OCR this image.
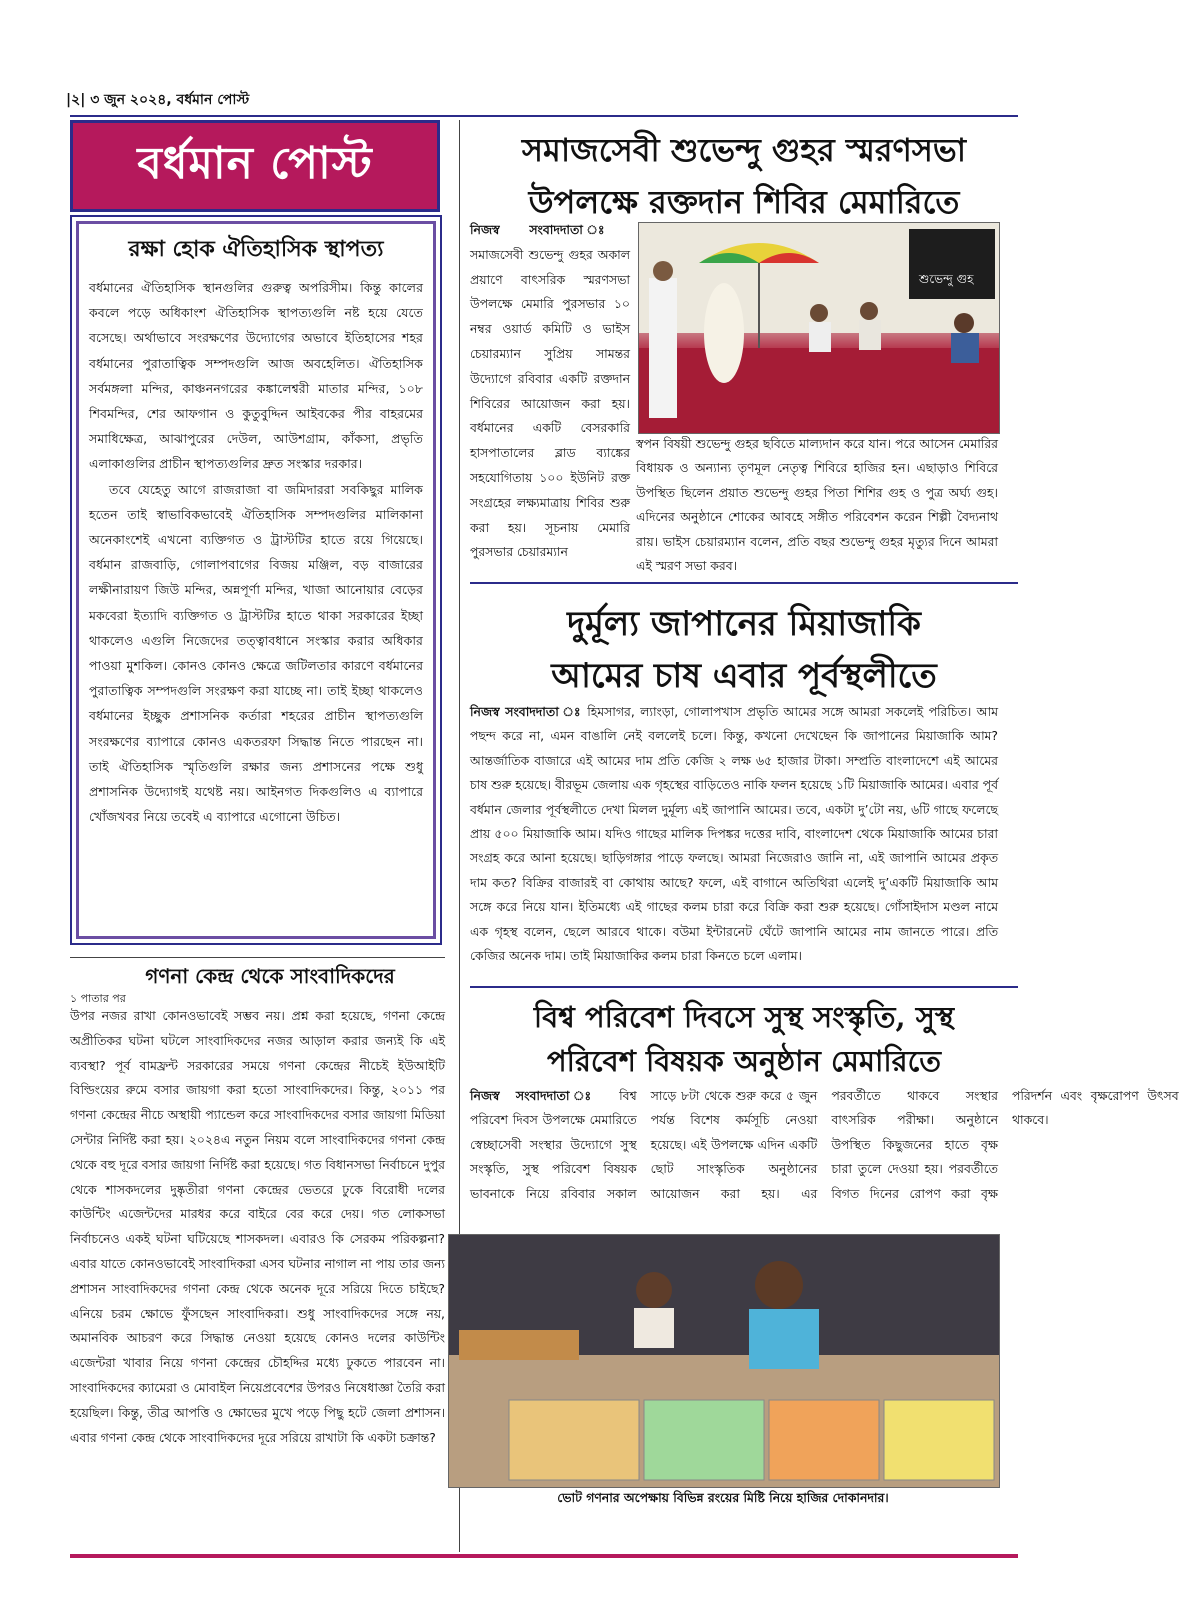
|২| ৩ জুন ২০২৪, বর্ধমান পোস্ট
বর্ধমান পোস্ট
রক্ষা হোক ঐতিহাসিক স্থাপত্য

বর্ধমানের ঐতিহাসিক স্থানগুলির গুরুত্ব অপরিসীম। কিন্তু কালের কবলে পড়ে অধিকাংশ ঐতিহাসিক স্থাপত্যগুলি নষ্ট হয়ে যেতে বসেছে। অর্থাভাবে সংরক্ষণের উদ্যোগের অভাবে ইতিহাসের শহর বর্ধমানের পুরাতাত্বিক সম্পদগুলি আজ অবহেলিত। ঐতিহাসিক সর্বমঙ্গলা মন্দির, কাঞ্চননগরের কঙ্কালেশ্বরী মাতার মন্দির, ১০৮ শিবমন্দির, শের আফগান ও কুতুবুদ্দিন আইবকের পীর বাহরমের সমাধিক্ষেত্র, আঝাপুরের দেউল, আউশগ্রাম, কাঁকসা, প্রভৃতি এলাকাগুলির প্রাচীন স্থাপত্যগুলির দ্রুত সংস্কার দরকার।

তবে যেহেতু আগে রাজরাজা বা জমিদাররা সবকিছুর মালিক হতেন তাই স্বাভাবিকভাবেই ঐতিহাসিক সম্পদগুলির মালিকানা অনেকাংশেই এখনো ব্যক্তিগত ও ট্রাস্টটির হাতে রয়ে গিয়েছে। বর্ধমান রাজবাড়ি, গোলাপবাগের বিজয় মঞ্জিল, বড় বাজারের লক্ষীনারায়ণ জিউ মন্দির, অন্নপূর্ণা মন্দির, খাজা আনোয়ার বেড়ের মকবেরা ইত্যাদি ব্যক্তিগত ও ট্রাস্টটির হাতে থাকা সরকারের ইচ্ছা থাকলেও এগুলি নিজেদের তত্ত্বাবধানে সংস্কার করার অধিকার পাওয়া মুশকিল। কোনও কোনও ক্ষেত্রে জটিলতার কারণে বর্ধমানের পুরাতাত্বিক সম্পদগুলি সংরক্ষণ করা যাচ্ছে না। তাই ইচ্ছা থাকলেও বর্ধমানের ইচ্ছুক প্রশাসনিক কর্তারা শহরের প্রাচীন স্থাপত্যগুলি সংরক্ষণের ব্যাপারে কোনও একতরফা সিদ্ধান্ত নিতে পারছেন না। তাই ঐতিহাসিক স্মৃতিগুলি রক্ষার জন্য প্রশাসনের পক্ষে শুধু প্রশাসনিক উদ্যোগই যথেষ্ট নয়। আইনগত দিকগুলিও এ ব্যাপারে খোঁজখবর নিয়ে তবেই এ ব্যাপারে এগোনো উচিত।

গণনা কেন্দ্র থেকে সাংবাদিকদের
১ পাতার পর
উপর নজর রাখা কোনওভাবেই সম্ভব নয়। প্রশ্ন করা হয়েছে, গণনা কেন্দ্রে অপ্রীতিকর ঘটনা ঘটলে সাংবাদিকদের নজর আড়াল করার জন্যই কি এই ব্যবস্থা? পূর্ব বামফ্রন্ট সরকারের সময়ে গণনা কেন্দ্রের নীচেই ইউআইটি বিল্ডিংয়ের রুমে বসার জায়গা করা হতো সাংবাদিকদের। কিন্তু, ২০১১ পর গণনা কেন্দ্রের নীচে অস্থায়ী প্যান্ডেল করে সাংবাদিকদের বসার জায়গা মিডিয়া সেন্টার নির্দিষ্ট করা হয়। ২০২৪এ নতুন নিয়ম বলে সাংবাদিকদের গণনা কেন্দ্র থেকে বহু দূরে বসার জায়গা নির্দিষ্ট করা হয়েছে। গত বিধানসভা নির্বাচনে দুপুর থেকে শাসকদলের দুষ্কৃতীরা গণনা কেন্দ্রের ভেতরে ঢুকে বিরোধী দলের কাউন্টিং এজেন্টদের মারধর করে বাইরে বের করে দেয়। গত লোকসভা নির্বাচনেও একই ঘটনা ঘটিয়েছে শাসকদল। এবারও কি সেরকম পরিকল্পনা? এবার যাতে কোনওভাবেই সাংবাদিকরা এসব ঘটনার নাগাল না পায় তার জন্য প্রশাসন সাংবাদিকদের গণনা কেন্দ্র থেকে অনেক দূরে সরিয়ে দিতে চাইছে? এনিয়ে চরম ক্ষোভে ফুঁসছেন সাংবাদিকরা। শুধু সাংবাদিকদের সঙ্গে নয়, অমানবিক আচরণ করে সিদ্ধান্ত নেওয়া হয়েছে কোনও দলের কাউন্টিং এজেন্টরা খাবার নিয়ে গণনা কেন্দ্রের চৌহদ্দির মধ্যে ঢুকতে পারবেন না। সাংবাদিকদের ক্যামেরা ও মোবাইল নিয়েপ্রবেশের উপরও নিষেধাজ্ঞা তৈরি করা হয়েছিল। কিন্তু, তীব্র আপত্তি ও ক্ষোভের মুখে পড়ে পিছু হটে জেলা প্রশাসন। এবার গণনা কেন্দ্র থেকে সাংবাদিকদের দূরে সরিয়ে রাখাটা কি একটা চক্রান্ত?
সমাজসেবী শুভেন্দু গুহর স্মরণসভা
উপলক্ষে রক্তদান শিবির মেমারিতে
নিজস্ব সংবাদদাতা ঃ সমাজসেবী শুভেন্দু গুহর অকাল প্রয়াণে বাৎসরিক স্মরণসভা উপলক্ষে মেমারি পুরসভার ১০ নম্বর ওয়ার্ড কমিটি ও ভাইস চেয়ারম্যান সুপ্রিয় সামন্তর উদ্যোগে রবিবার একটি রক্তদান শিবিরের আয়োজন করা হয়। বর্ধমানের একটি বেসরকারি হাসপাতালের ব্লাড ব্যাঙ্কের সহযোগিতায় ১০০ ইউনিট রক্ত সংগ্রহের লক্ষ্যমাত্রায় শিবির শুরু করা হয়। সূচনায় মেমারি পুরসভার চেয়ারম্যান
শুভেন্দু গুহ
স্বপন বিষয়ী শুভেন্দু গুহর ছবিতে মাল্যদান করে যান। পরে আসেন মেমারির বিধায়ক ও অন্যান্য তৃণমূল নেতৃত্ব শিবিরে হাজির হন। এছাড়াও শিবিরে উপস্থিত ছিলেন প্রয়াত শুভেন্দু গুহর পিতা শিশির গুহ ও পুত্র অর্ঘ্য গুহ। এদিনের অনুষ্ঠানে শোকের আবহে সঙ্গীত পরিবেশন করেন শিল্পী বৈদ্যনাথ রায়। ভাইস চেয়ারম্যান বলেন, প্রতি বছর শুভেন্দু গুহর মৃত্যুর দিনে আমরা এই স্মরণ সভা করব।
দুর্মূল্য জাপানের মিয়াজাকি
আমের চাষ এবার পূর্বস্থলীতে
নিজস্ব সংবাদদাতা ঃ হিমসাগর, ল্যাংড়া, গোলাপখাস প্রভৃতি আমের সঙ্গে আমরা সকলেই পরিচিত। আম পছন্দ করে না, এমন বাঙালি নেই বললেই চলে। কিন্তু, কখনো দেখেছেন কি জাপানের মিয়াজাকি আম? আন্তর্জাতিক বাজারে এই আমের দাম প্রতি কেজি ২ লক্ষ ৬৫ হাজার টাকা। সম্প্রতি বাংলাদেশে এই আমের চাষ শুরু হয়েছে। বীরভূম জেলায় এক গৃহস্থের বাড়িতেও নাকি ফলন হয়েছে ১টি মিয়াজাকি আমের। এবার পূর্ব বর্ধমান জেলার পূর্বস্থলীতে দেখা মিলল দুর্মূল্য এই জাপানি আমের। তবে, একটা দু’টো নয়, ৬টি গাছে ফলেছে প্রায় ৫০০ মিয়াজাকি আম। যদিও গাছের মালিক দিপঙ্কর দত্তের দাবি, বাংলাদেশ থেকে মিয়াজাকি আমের চারা সংগ্রহ করে আনা হয়েছে। ছাড়িগঙ্গার পাড়ে ফলছে। আমরা নিজেরাও জানি না, এই জাপানি আমের প্রকৃত দাম কত? বিক্রির বাজারই বা কোথায় আছে? ফলে, এই বাগানে অতিথিরা এলেই দু’একটি মিয়াজাকি আম সঙ্গে করে নিয়ে যান। ইতিমধ্যে এই গাছের কলম চারা করে বিক্রি করা শুরু হয়েছে। গোঁসাইদাস মণ্ডল নামে এক গৃহস্থ বলেন, ছেলে আরবে থাকে। বউমা ইন্টারনেট ঘেঁটে জাপানি আমের নাম জানতে পারে। প্রতি কেজির অনেক দাম। তাই মিয়াজাকির কলম চারা কিনতে চলে এলাম।
বিশ্ব পরিবেশ দিবসে সুস্থ সংস্কৃতি, সুস্থ
পরিবেশ বিষয়ক অনুষ্ঠান মেমারিতে
নিজস্ব সংবাদদাতা ঃ বিশ্ব পরিবেশ দিবস উপলক্ষে মেমারিতে স্বেচ্ছাসেবী সংস্থার উদ্যোগে সুস্থ সংস্কৃতি, সুস্থ পরিবেশ বিষয়ক ভাবনাকে নিয়ে রবিবার সকাল সাড়ে ৮টা থেকে শুরু করে ৫ জুন পর্যন্ত বিশেষ কর্মসূচি নেওয়া হয়েছে। এই উপলক্ষে এদিন একটি ছোট সাংস্কৃতিক অনুষ্ঠানের আয়োজন করা হয়। এর পরবর্তীতে থাকবে সংস্থার বাৎসরিক পরীক্ষা। অনুষ্ঠানে উপস্থিত কিছুজনের হাতে বৃক্ষ চারা তুলে দেওয়া হয়। পরবর্তীতে বিগত দিনের রোপণ করা বৃক্ষ পরিদর্শন এবং বৃক্ষরোপণ উৎসব থাকবে।
ভোট গণনার অপেক্ষায় বিভিন্ন রংয়ের মিষ্টি নিয়ে হাজির দোকানদার।
